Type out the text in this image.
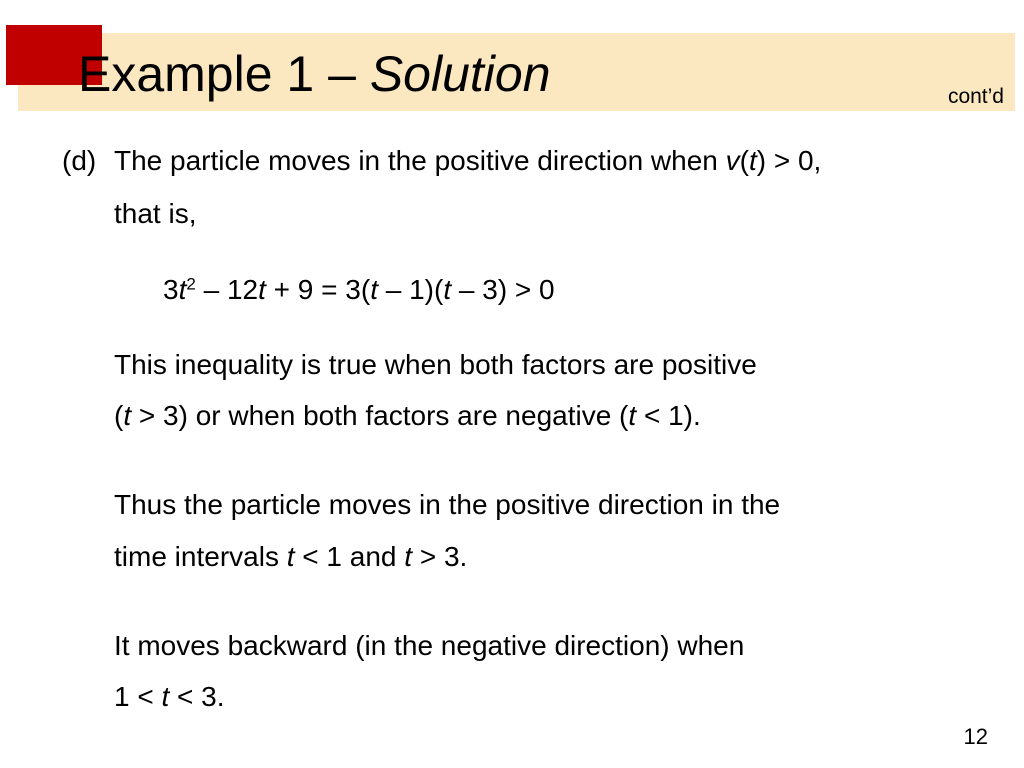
Example 1 – Solution	cont’d
(d) The particle moves in the positive direction when v(t) > 0,
that is,
$3t^2 - 12t + 9 = 3(t - 1)(t - 3) > 0$
This inequality is true when both factors are positive
(t > 3) or when both factors are negative (t < 1).
Thus the particle moves in the positive direction in the
time intervals t < 1 and t > 3.
It moves backward (in the negative direction) when
1 < t < 3.
12
